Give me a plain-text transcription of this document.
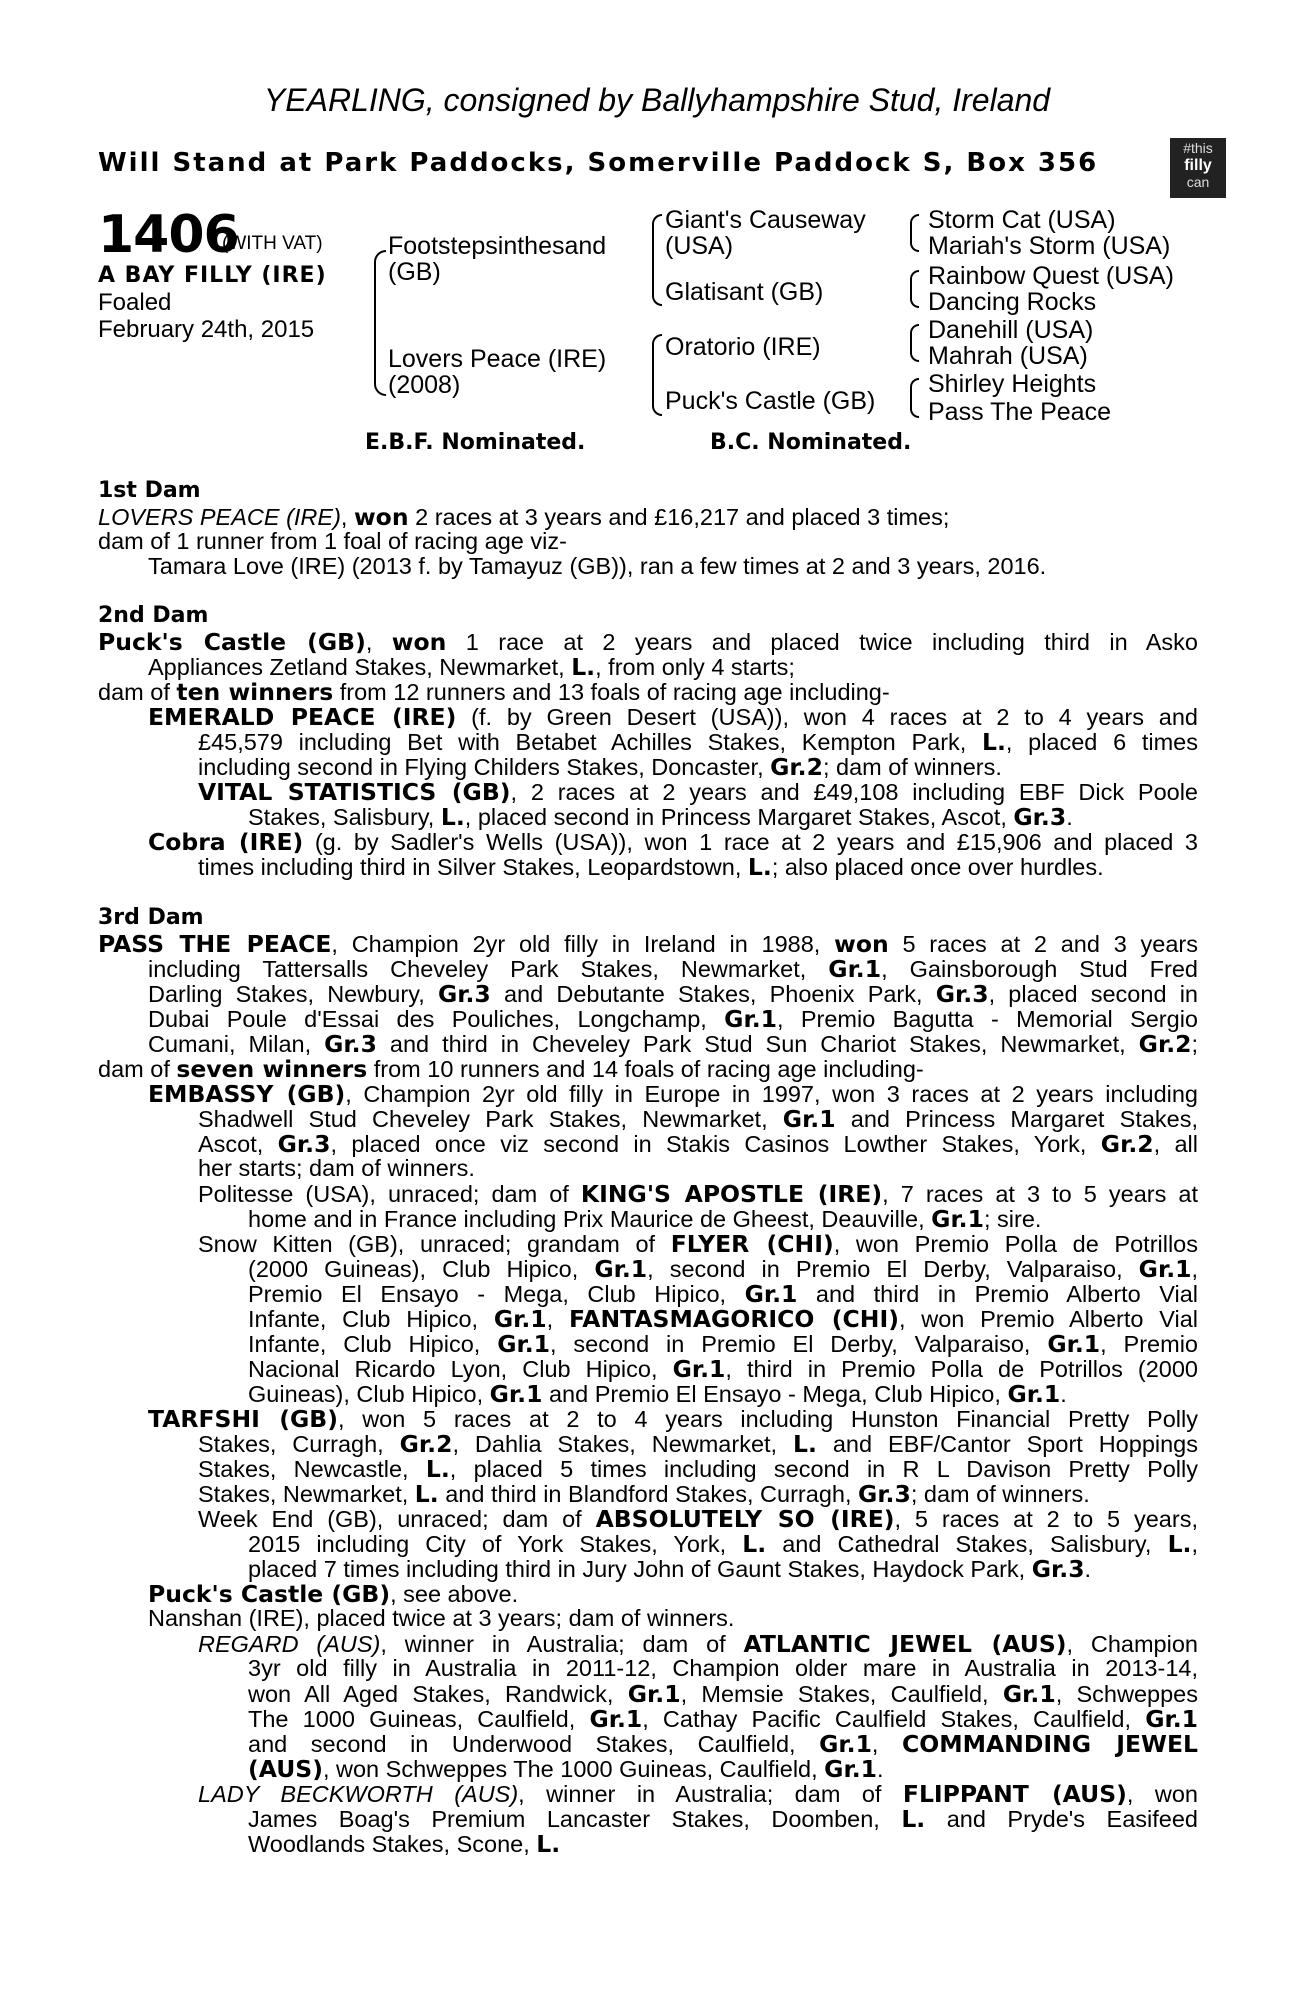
YEARLING, consigned by Ballyhampshire Stud, Ireland
Will Stand at Park Paddocks, Somerville Paddock S, Box 356	#this
filly
can
1406
(WITH VAT)
A BAY FILLY (IRE)
Foaled
February 24th, 2015
Footstepsinthesand
(GB)
Lovers Peace (IRE)
(2008)
Giant's Causeway
(USA)
Glatisant (GB)
Oratorio (IRE)
Puck's Castle (GB)
Storm Cat (USA)
Mariah's Storm (USA)
Rainbow Quest (USA)
Dancing Rocks
Danehill (USA)
Mahrah (USA)
Shirley Heights
Pass The Peace
E.B.F. Nominated.	B.C. Nominated.
1st Dam
LOVERS PEACE (IRE), won 2 races at 3 years and £16,217 and placed 3 times;
dam of 1 runner from 1 foal of racing age viz-
Tamara Love (IRE) (2013 f. by Tamayuz (GB)), ran a few times at 2 and 3 years, 2016.
2nd Dam
Puck's Castle (GB), won 1 race at 2 years and placed twice including third in Asko
Appliances Zetland Stakes, Newmarket, L., from only 4 starts;
dam of ten winners from 12 runners and 13 foals of racing age including-
EMERALD PEACE (IRE) (f. by Green Desert (USA)), won 4 races at 2 to 4 years and
£45,579 including Bet with Betabet Achilles Stakes, Kempton Park, L., placed 6 times
including second in Flying Childers Stakes, Doncaster, Gr.2; dam of winners.
VITAL STATISTICS (GB), 2 races at 2 years and £49,108 including EBF Dick Poole
Stakes, Salisbury, L., placed second in Princess Margaret Stakes, Ascot, Gr.3.
Cobra (IRE) (g. by Sadler's Wells (USA)), won 1 race at 2 years and £15,906 and placed 3
times including third in Silver Stakes, Leopardstown, L.; also placed once over hurdles.
3rd Dam
PASS THE PEACE, Champion 2yr old filly in Ireland in 1988, won 5 races at 2 and 3 years
including Tattersalls Cheveley Park Stakes, Newmarket, Gr.1, Gainsborough Stud Fred
Darling Stakes, Newbury, Gr.3 and Debutante Stakes, Phoenix Park, Gr.3, placed second in
Dubai Poule d'Essai des Pouliches, Longchamp, Gr.1, Premio Bagutta - Memorial Sergio
Cumani, Milan, Gr.3 and third in Cheveley Park Stud Sun Chariot Stakes, Newmarket, Gr.2;
dam of seven winners from 10 runners and 14 foals of racing age including-
EMBASSY (GB), Champion 2yr old filly in Europe in 1997, won 3 races at 2 years including
Shadwell Stud Cheveley Park Stakes, Newmarket, Gr.1 and Princess Margaret Stakes,
Ascot, Gr.3, placed once viz second in Stakis Casinos Lowther Stakes, York, Gr.2, all
her starts; dam of winners.
Politesse (USA), unraced; dam of KING'S APOSTLE (IRE), 7 races at 3 to 5 years at
home and in France including Prix Maurice de Gheest, Deauville, Gr.1; sire.
Snow Kitten (GB), unraced; grandam of FLYER (CHI), won Premio Polla de Potrillos
(2000 Guineas), Club Hipico, Gr.1, second in Premio El Derby, Valparaiso, Gr.1,
Premio El Ensayo - Mega, Club Hipico, Gr.1 and third in Premio Alberto Vial
Infante, Club Hipico, Gr.1, FANTASMAGORICO (CHI), won Premio Alberto Vial
Infante, Club Hipico, Gr.1, second in Premio El Derby, Valparaiso, Gr.1, Premio
Nacional Ricardo Lyon, Club Hipico, Gr.1, third in Premio Polla de Potrillos (2000
Guineas), Club Hipico, Gr.1 and Premio El Ensayo - Mega, Club Hipico, Gr.1.
TARFSHI (GB), won 5 races at 2 to 4 years including Hunston Financial Pretty Polly
Stakes, Curragh, Gr.2, Dahlia Stakes, Newmarket, L. and EBF/Cantor Sport Hoppings
Stakes, Newcastle, L., placed 5 times including second in R L Davison Pretty Polly
Stakes, Newmarket, L. and third in Blandford Stakes, Curragh, Gr.3; dam of winners.
Week End (GB), unraced; dam of ABSOLUTELY SO (IRE), 5 races at 2 to 5 years,
2015 including City of York Stakes, York, L. and Cathedral Stakes, Salisbury, L.,
placed 7 times including third in Jury John of Gaunt Stakes, Haydock Park, Gr.3.
Puck's Castle (GB), see above.
Nanshan (IRE), placed twice at 3 years; dam of winners.
REGARD (AUS), winner in Australia; dam of ATLANTIC JEWEL (AUS), Champion
3yr old filly in Australia in 2011-12, Champion older mare in Australia in 2013-14,
won All Aged Stakes, Randwick, Gr.1, Memsie Stakes, Caulfield, Gr.1, Schweppes
The 1000 Guineas, Caulfield, Gr.1, Cathay Pacific Caulfield Stakes, Caulfield, Gr.1
and second in Underwood Stakes, Caulfield, Gr.1, COMMANDING JEWEL
(AUS), won Schweppes The 1000 Guineas, Caulfield, Gr.1.
LADY BECKWORTH (AUS), winner in Australia; dam of FLIPPANT (AUS), won
James Boag's Premium Lancaster Stakes, Doomben, L. and Pryde's Easifeed
Woodlands Stakes, Scone, L.
